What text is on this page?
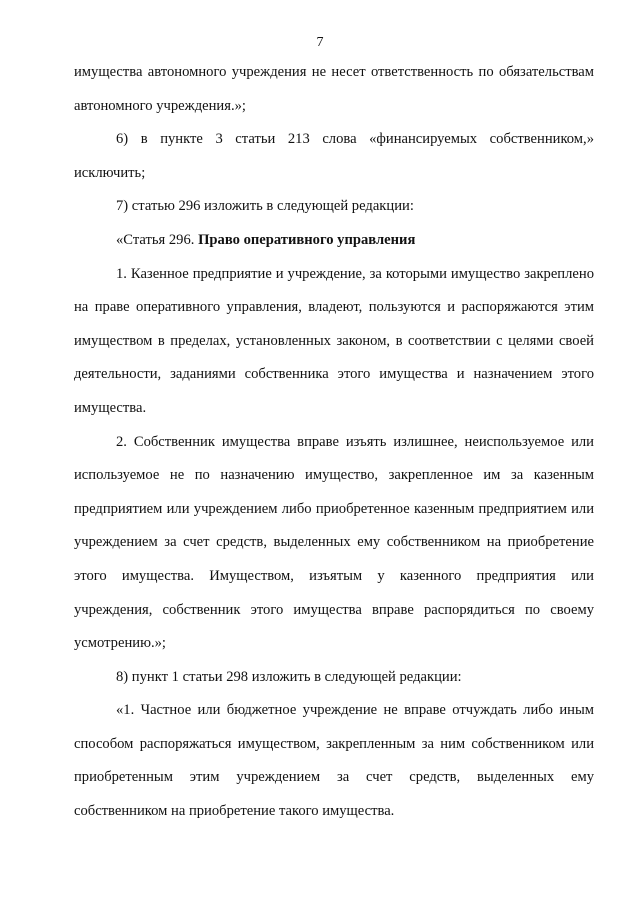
7

имущества автономного учреждения не несет ответственность по обязательствам автономного учреждения.»;

6) в пункте 3 статьи 213 слова «финансируемых собственником,» исключить;

7) статью 296 изложить в следующей редакции:

«Статья 296. Право оперативного управления

1. Казенное предприятие и учреждение, за которыми имущество закреплено на праве оперативного управления, владеют, пользуются и распоряжаются этим имуществом в пределах, установленных законом, в соответствии с целями своей деятельности, заданиями собственника этого имущества и назначением этого имущества.

2. Собственник имущества вправе изъять излишнее, неиспользуемое или используемое не по назначению имущество, закрепленное им за казенным предприятием или учреждением либо приобретенное казенным предприятием или учреждением за счет средств, выделенных ему собственником на приобретение этого имущества. Имуществом, изъятым у казенного предприятия или учреждения, собственник этого имущества вправе распорядиться по своему усмотрению.»;

8) пункт 1 статьи 298 изложить в следующей редакции:

«1. Частное или бюджетное учреждение не вправе отчуждать либо иным способом распоряжаться имуществом, закрепленным за ним собственником или приобретенным этим учреждением за счет средств, выделенных ему собственником на приобретение такого имущества.
